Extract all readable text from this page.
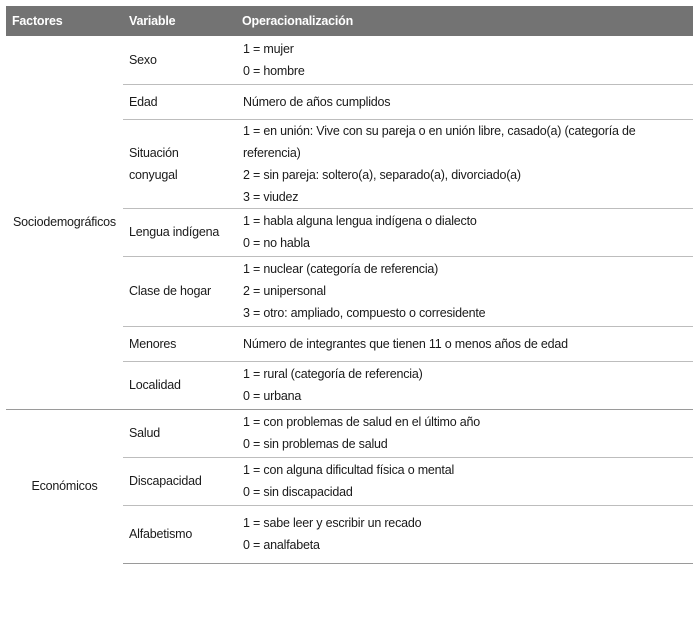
Factores	Variable	Operacionalización
Sociodemográficos	Sexo	1 = mujer
0 = hombre

	Edad	Número de años cumplidos

	Situación
conyugal	1 = en unión: Vive con su pareja o en unión libre, casado(a) (categoría de referencia)
2 = sin pareja: soltero(a), separado(a), divorciado(a)
3 = viudez

	Lengua indígena	1 = habla alguna lengua indígena o dialecto
0 = no habla

	Clase de hogar	1 = nuclear (categoría de referencia)
2 = unipersonal
3 = otro: ampliado, compuesto o corresidente

	Menores	Número de integrantes que tienen 11 o menos años de edad

	Localidad	1 = rural (categoría de referencia)
0 = urbana

Económicos	Salud	1 = con problemas de salud en el último año
0 = sin problemas de salud

	Discapacidad	1 = con alguna dificultad física o mental
0 = sin discapacidad

	Alfabetismo	1 = sabe leer y escribir un recado
0 = analfabeta
